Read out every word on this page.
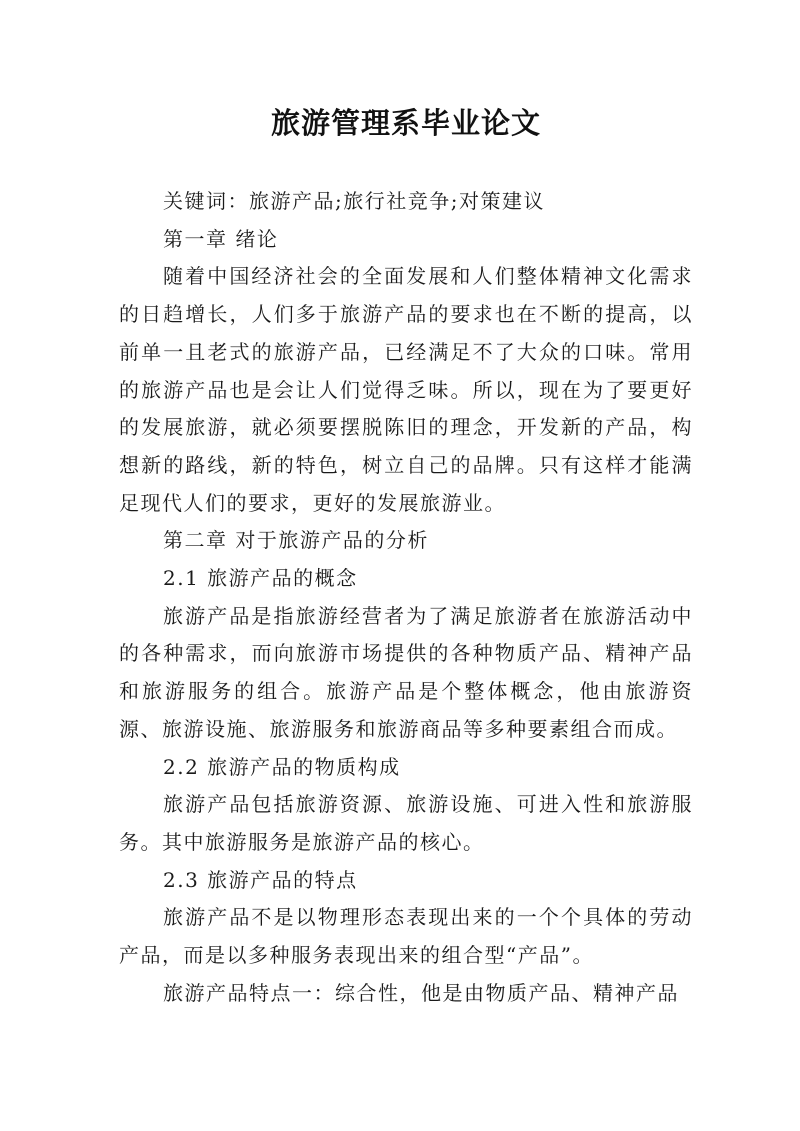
旅游管理系毕业论文

关键词：旅游产品;旅行社竞争;对策建议

第一章 绪论

随着中国经济社会的全面发展和人们整体精神文化需求的日趋增长，人们多于旅游产品的要求也在不断的提高，以前单一且老式的旅游产品，已经满足不了大众的口味。常用的旅游产品也是会让人们觉得乏味。所以，现在为了要更好的发展旅游，就必须要摆脱陈旧的理念，开发新的产品，构想新的路线，新的特色，树立自己的品牌。只有这样才能满足现代人们的要求，更好的发展旅游业。

第二章 对于旅游产品的分析

2.1 旅游产品的概念

旅游产品是指旅游经营者为了满足旅游者在旅游活动中的各种需求，而向旅游市场提供的各种物质产品、精神产品和旅游服务的组合。旅游产品是个整体概念，他由旅游资源、旅游设施、旅游服务和旅游商品等多种要素组合而成。

2.2 旅游产品的物质构成

旅游产品包括旅游资源、旅游设施、可进入性和旅游服务。其中旅游服务是旅游产品的核心。

2.3 旅游产品的特点

旅游产品不是以物理形态表现出来的一个个具体的劳动产品，而是以多种服务表现出来的组合型“产品”。

旅游产品特点一：综合性，他是由物质产品、精神产品
